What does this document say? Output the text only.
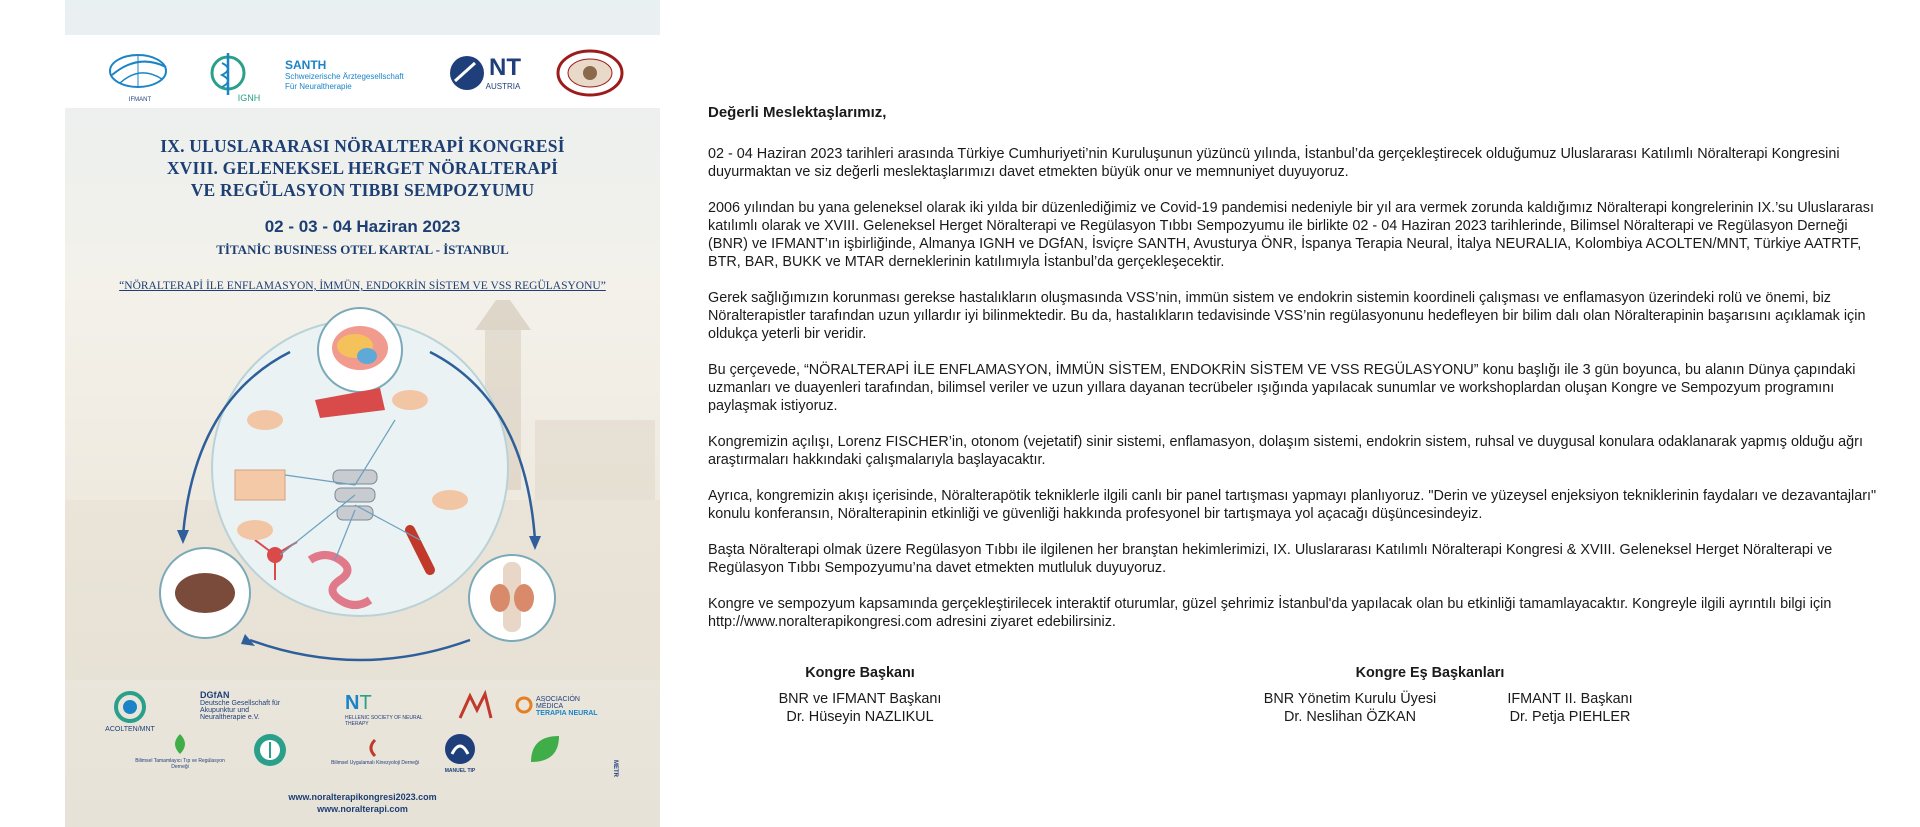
IFMANT	IGNH
SANTH
Schweizerische Ärztegesellschaft
Für Neuraltherapie
NT
AUSTRIA
IX. ULUSLARARASI NÖRALTERAPİ KONGRESİ
XVIII. GELENEKSEL HERGET NÖRALTERAPİ
VE REGÜLASYON TIBBI SEMPOZYUMU
02 - 03 - 04 Haziran 2023
TİTANİC BUSINESS OTEL KARTAL - İSTANBUL
“NÖRALTERAPİ İLE ENFLAMASYON, İMMÜN, ENDOKRİN SİSTEM VE VSS REGÜLASYONU”
ACOLTEN/MNT
DGfAN
Deutsche Gesellschaft für
Akupunktur und Neuraltherapie e.V.
NT
HELLENIC SOCIETY OF NEURAL THERAPY
ASOCIACIÓN MÉDICA
TERAPIA NEURAL
Bilimsel Tamamlayıcı Tıp ve Regülasyon Derneği
Bilimsel Uygulamalı Kinezyoloji Derneği
MANUEL TIP	METR
www.noralterapikongresi2023.com
www.noralterapi.com
Değerli Meslektaşlarımız,

02 - 04 Haziran 2023 tarihleri arasında Türkiye Cumhuriyeti’nin Kuruluşunun yüzüncü yılında, İstanbul’da gerçekleştirecek olduğumuz Uluslararası Katılımlı Nöralterapi Kongresini duyurmaktan ve siz değerli meslektaşlarımızı davet etmekten büyük onur ve memnuniyet duyuyoruz.

2006 yılından bu yana geleneksel olarak iki yılda bir düzenlediğimiz ve Covid-19 pandemisi nedeniyle bir yıl ara vermek zorunda kaldığımız Nöralterapi kongrelerinin IX.’su Uluslararası katılımlı olarak ve XVIII. Geleneksel Herget Nöralterapi ve Regülasyon Tıbbı Sempozyumu ile birlikte 02 - 04 Haziran 2023 tarihlerinde, Bilimsel Nöralterapi ve Regülasyon Derneği (BNR) ve IFMANT’ın işbirliğinde, Almanya IGNH ve DGfAN, İsviçre SANTH, Avusturya ÖNR, İspanya Terapia Neural, İtalya NEURALIA, Kolombiya ACOLTEN/MNT, Türkiye AATRTF, BTR, BAR, BUKK ve MTAR derneklerinin katılımıyla İstanbul’da gerçekleşecektir.

Gerek sağlığımızın korunması gerekse hastalıkların oluşmasında VSS’nin, immün sistem ve endokrin sistemin koordineli çalışması ve enflamasyon üzerindeki rolü ve önemi, biz Nöralterapistler tarafından uzun yıllardır iyi bilinmektedir. Bu da, hastalıkların tedavisinde VSS’nin regülasyonunu hedefleyen bir bilim dalı olan Nöralterapinin başarısını açıklamak için oldukça yeterli bir veridir.

Bu çerçevede, “NÖRALTERAPİ İLE ENFLAMASYON, İMMÜN SİSTEM, ENDOKRİN SİSTEM VE VSS REGÜLASYONU” konu başlığı ile 3 gün boyunca, bu alanın Dünya çapındaki uzmanları ve duayenleri tarafından, bilimsel veriler ve uzun yıllara dayanan tecrübeler ışığında yapılacak sunumlar ve workshoplardan oluşan Kongre ve Sempozyum programını paylaşmak istiyoruz.

Kongremizin açılışı, Lorenz FISCHER’in, otonom (vejetatif) sinir sistemi, enflamasyon, dolaşım sistemi, endokrin sistem, ruhsal ve duygusal konulara odaklanarak yapmış olduğu ağrı araştırmaları hakkındaki çalışmalarıyla başlayacaktır.

Ayrıca, kongremizin akışı içerisinde, Nöralterapötik tekniklerle ilgili canlı bir panel tartışması yapmayı planlıyoruz. "Derin ve yüzeysel enjeksiyon tekniklerinin faydaları ve dezavantajları" konulu konferansın, Nöralterapinin etkinliği ve güvenliği hakkında profesyonel bir tartışmaya yol açacağı düşüncesindeyiz.

Başta Nöralterapi olmak üzere Regülasyon Tıbbı ile ilgilenen her branştan hekimlerimizi, IX. Uluslararası Katılımlı Nöralterapi Kongresi & XVIII. Geleneksel Herget Nöralterapi ve Regülasyon Tıbbı Sempozyumu’na davet etmekten mutluluk duyuyoruz.

Kongre ve sempozyum kapsamında gerçekleştirilecek interaktif oturumlar, güzel şehrimiz İstanbul'da yapılacak olan bu etkinliği tamamlayacaktır. Kongreyle ilgili ayrıntılı bilgi için http://www.noralterapikongresi.com adresini ziyaret edebilirsiniz.

Kongre Başkanı
BNR ve IFMANT Başkanı
Dr. Hüseyin NAZLIKUL
Kongre Eş Başkanları
BNR Yönetim Kurulu Üyesi
Dr. Neslihan ÖZKAN
IFMANT II. Başkanı
Dr. Petja PIEHLER
